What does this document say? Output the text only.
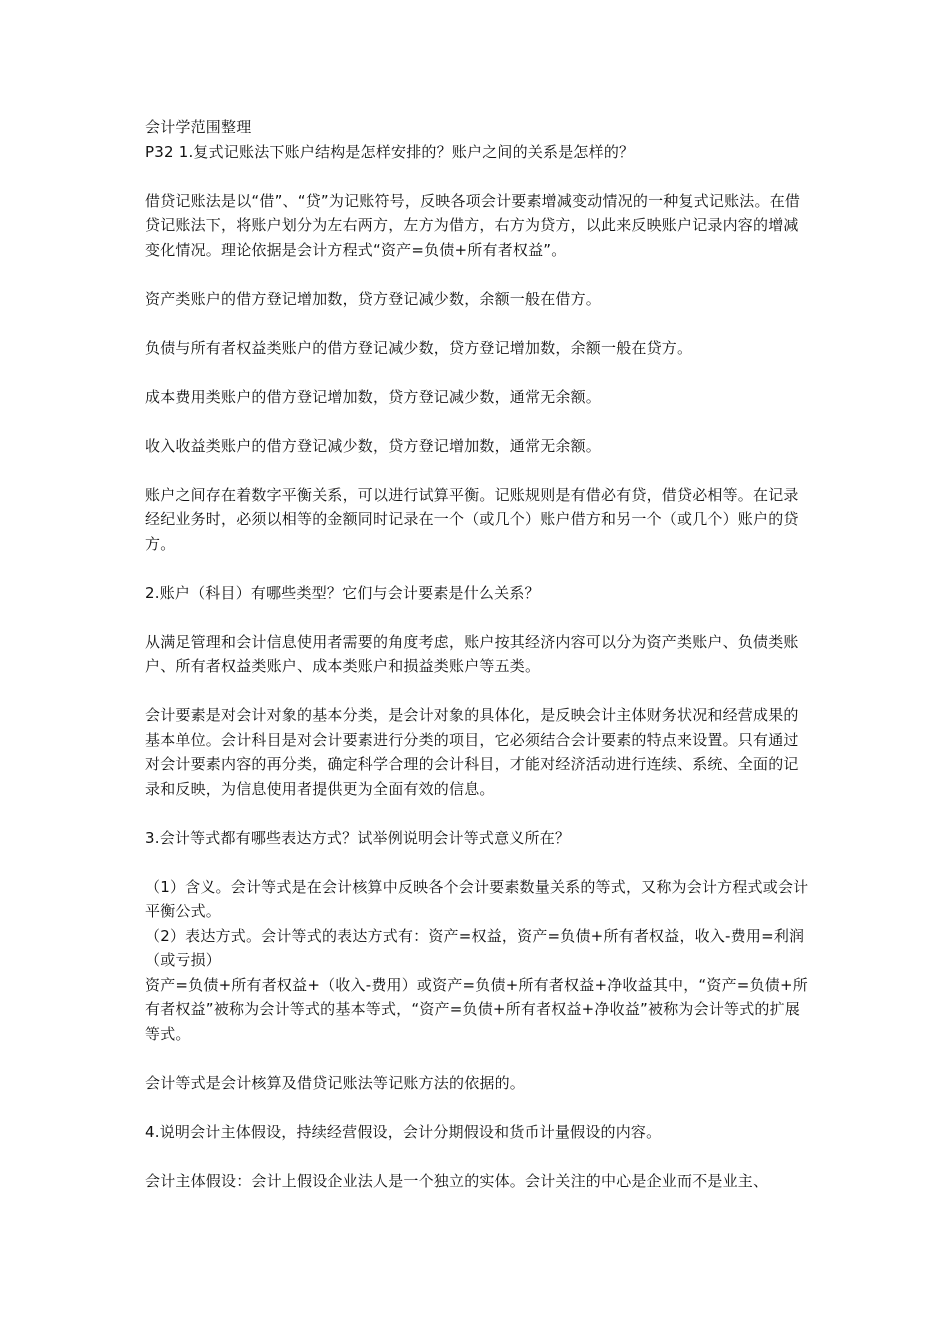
会计学范围整理

P32 1.复式记账法下账户结构是怎样安排的？账户之间的关系是怎样的？

借贷记账法是以“借”、“贷”为记账符号，反映各项会计要素增减变动情况的一种复式记账法。在借贷记账法下，将账户划分为左右两方，左方为借方，右方为贷方，以此来反映账户记录内容的增减变化情况。理论依据是会计方程式“资产=负债+所有者权益”。

资产类账户的借方登记增加数，贷方登记减少数，余额一般在借方。

负债与所有者权益类账户的借方登记减少数，贷方登记增加数，余额一般在贷方。

成本费用类账户的借方登记增加数，贷方登记减少数，通常无余额。

收入收益类账户的借方登记减少数，贷方登记增加数，通常无余额。

账户之间存在着数字平衡关系，可以进行试算平衡。记账规则是有借必有贷，借贷必相等。在记录经纪业务时，必须以相等的金额同时记录在一个（或几个）账户借方和另一个（或几个）账户的贷方。

2.账户（科目）有哪些类型？它们与会计要素是什么关系？

从满足管理和会计信息使用者需要的角度考虑，账户按其经济内容可以分为资产类账户、负债类账户、所有者权益类账户、成本类账户和损益类账户等五类。

会计要素是对会计对象的基本分类，是会计对象的具体化，是反映会计主体财务状况和经营成果的基本单位。会计科目是对会计要素进行分类的项目，它必须结合会计要素的特点来设置。只有通过对会计要素内容的再分类，确定科学合理的会计科目，才能对经济活动进行连续、系统、全面的记录和反映，为信息使用者提供更为全面有效的信息。

3.会计等式都有哪些表达方式？试举例说明会计等式意义所在？

（1）含义。会计等式是在会计核算中反映各个会计要素数量关系的等式，又称为会计方程式或会计平衡公式。

（2）表达方式。会计等式的表达方式有：资产=权益，资产=负债+所有者权益，收入-费用=利润（或亏损）

资产=负债+所有者权益+（收入-费用）或资产=负债+所有者权益+净收益其中，“资产=负债+所有者权益”被称为会计等式的基本等式，“资产=负债+所有者权益+净收益”被称为会计等式的扩展等式。

会计等式是会计核算及借贷记账法等记账方法的依据的。

4.说明会计主体假设，持续经营假设，会计分期假设和货币计量假设的内容。

会计主体假设：会计上假设企业法人是一个独立的实体。会计关注的中心是企业而不是业主、
